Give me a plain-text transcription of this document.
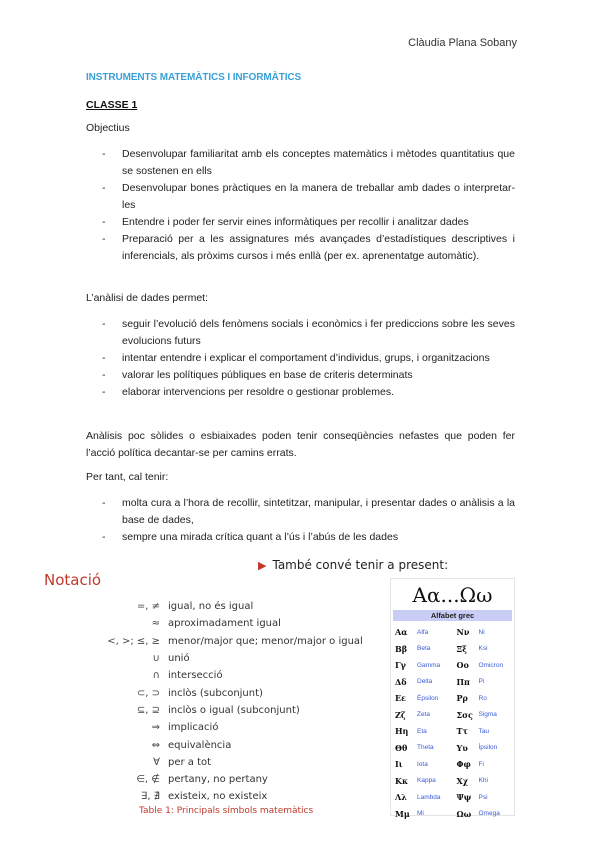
Clàudia Plana Sobany
INSTRUMENTS MATEMÀTICS I INFORMÀTICS
CLASSE 1
Objectius
- Desenvolupar familiaritat amb els conceptes matemàtics i mètodes quantitatius que se sostenen en ells
- Desenvolupar bones pràctiques en la manera de treballar amb dades o interpretar-les
- Entendre i poder fer servir eines informàtiques per recollir i analitzar dades
- Preparació per a les assignatures més avançades d’estadístiques descriptives i inferencials, als pròxims cursos i més enllà (per ex. aprenentatge automàtic).
L’anàlisi de dades permet:
- seguir l’evolució dels fenòmens socials i econòmics i fer prediccions sobre les seves evolucions futurs
- intentar entendre i explicar el comportament d’individus, grups, i organitzacions
- valorar les polítiques públiques en base de criteris determinats
- elaborar intervencions per resoldre o gestionar problemes.
Anàlisis poc sòlides o esbiaixades poden tenir conseqüències nefastes que poden fer l’acció política decantar-se per camins errats.
Per tant, cal tenir:
- molta cura a l’hora de recollir, sintetitzar, manipular, i presentar dades o anàlisis a la base de dades,
- sempre una mirada crítica quant a l’ús i l’abús de les dades
▶ També convé tenir a present:
Notació
=, ≠ igual, no és igual
≈ aproximadament igual
<, >; ≤, ≥ menor/major que; menor/major o igual
∪ unió
∩ intersecció
⊂, ⊃ inclòs (subconjunt)
⊆, ⊇ inclòs o igual (subconjunt)
⇒ implicació
⇔ equivalència
∀ per a tot
∈, ∉ pertany, no pertany
∃, ∄ existeix, no existeix
Table 1: Principals símbols matemàtics
Αα...Ωω
Alfabet grec
Αα	Alfa	Νν	Ni
Ββ	Beta	Ξξ	Ksi
Γγ	Gamma	Οο	Omicron
Δδ	Delta	Ππ	Pi
Εε	Èpsilon	Ρρ	Ro
Ζζ	Zeta	Σσς Sigma
Ηη	Eta	Ττ	Tau
Θθ	Theta	Υυ	Ípsilon
Ιι	Iota	Φφ	Fi
Κκ	Kappa	Χχ	Khi
Λλ	Lambda	Ψψ	Psi
Μμ	Mi	Ωω	Omega
